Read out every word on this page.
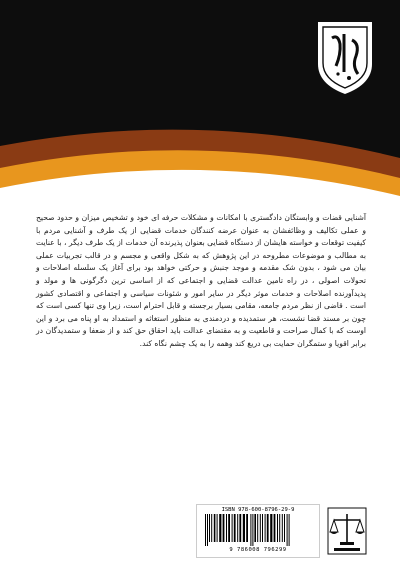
آشنایی قضات و وابستگان دادگستری با امکانات و مشکلات حرفه ای خود و تشخیص میزان و حدود صحیح و عملی تکالیف و وظائفشان به عنوان عرضه کنندگان خدمات قضایی از یک طرف و آشنایی مردم با کیفیت توقعات و خواسته هایشان از دستگاه قضایی بعنوان پذیرنده آن خدمات از یک طرف دیگر ، با عنایت به مطالب و موضوعات مطروحه در این پژوهش که به شکل واقعی و مجسم و در قالب تجربیات عملی بیان می شود ، بدون شک مقدمه و موجد جنبش و حرکتی خواهد بود برای آغاز یک سلسله اصلاحات و تحولات اصولی ، در راه تامین عدالت قضایی و اجتماعی که از اساسی ترین دگرگونی ها و مولد و پدیدآورنده اصلاحات و خدمات موثر دیگر در سایر امور و شئونات سیاسی و اجتماعی و اقتصادی کشور است . قاضی از نظر مردم جامعه، مقامی بسیار برجسته و قابل احترام است، زیرا وی تنها کسی است که چون بر مسند قضا نشست، هر ستمدیده و دردمندی به منظور استغاثه و استمداد به او پناه می برد و این اوست که با کمال صراحت و قاطعیت و به مقتضای عدالت باید احقاق حق کند و از ضعفا و ستمدیدگان در برابر اقویا و ستمگران حمایت بی دریغ کند وهمه را به یک چشم نگاه کند.

ISBN 978-600-8796-29-9
9 786008 796299
